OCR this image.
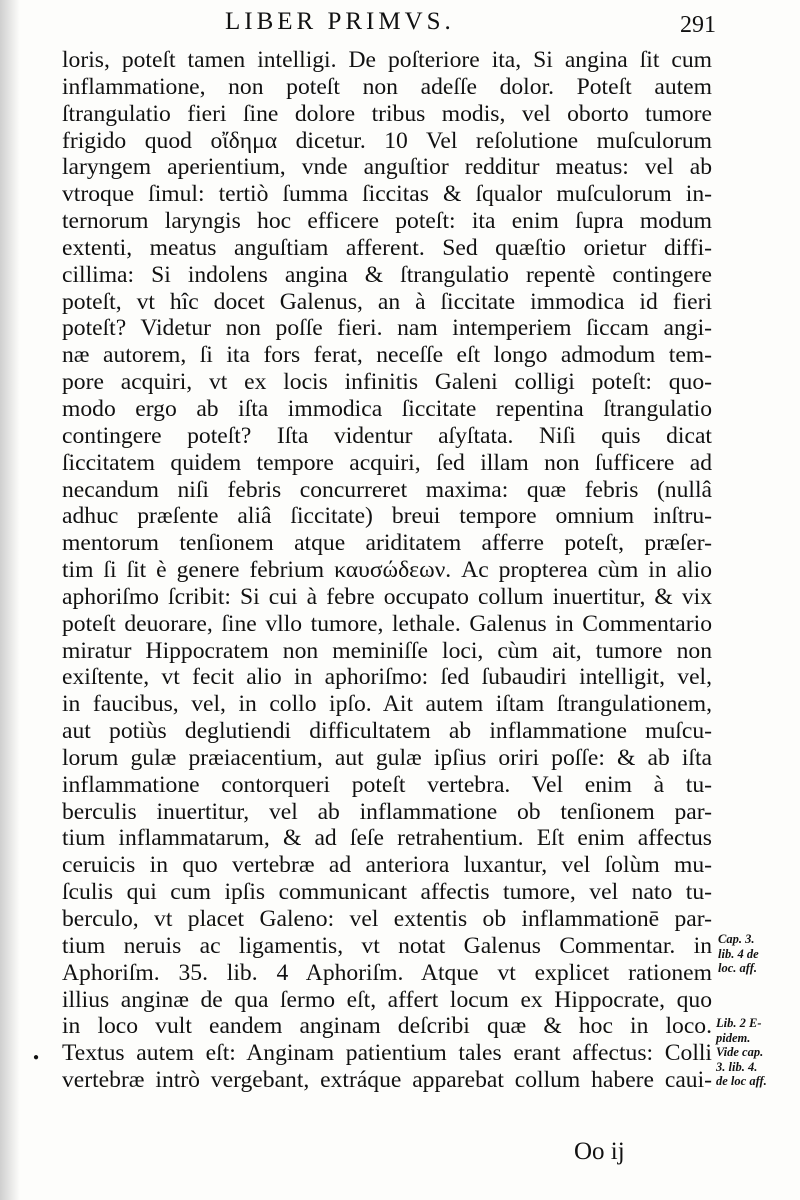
LIBER PRIMVS.	291
loris, poteſt tamen intelligi. De poſteriore ita, Si angina ſit cum
inflammatione, non poteſt non adeſſe dolor. Poteſt autem
ſtrangulatio fieri ſine dolore tribus modis, vel oborto tumore
frigido quod οἴδημα dicetur. 10 Vel reſolutione muſculorum
laryngem aperientium, vnde anguſtior redditur meatus: vel ab
vtroque ſimul: tertiò ſumma ſiccitas & ſqualor muſculorum in-
ternorum laryngis hoc efficere poteſt: ita enim ſupra modum
extenti, meatus anguſtiam afferent. Sed quæſtio orietur diffi-
cillima: Si indolens angina & ſtrangulatio repentè contingere
poteſt, vt hîc docet Galenus, an à ſiccitate immodica id fieri
poteſt? Videtur non poſſe fieri. nam intemperiem ſiccam angi-
næ autorem, ſi ita fors ferat, neceſſe eſt longo admodum tem-
pore acquiri, vt ex locis infinitis Galeni colligi poteſt: quo-
modo ergo ab iſta immodica ſiccitate repentina ſtrangulatio
contingere poteſt? Iſta videntur aſyſtata. Niſi quis dicat
ſiccitatem quidem tempore acquiri, ſed illam non ſufficere ad
necandum niſi febris concurreret maxima: quæ febris (nullâ
adhuc præſente aliâ ſiccitate) breui tempore omnium inſtru-
mentorum tenſionem atque ariditatem afferre poteſt, præſer-
tim ſi ſit è genere febrium καυσώδεων. Ac propterea cùm in alio
aphoriſmo ſcribit: Si cui à febre occupato collum inuertitur, & vix
poteſt deuorare, ſine vllo tumore, lethale. Galenus in Commentario
miratur Hippocratem non meminiſſe loci, cùm ait, tumore non
exiſtente, vt fecit alio in aphoriſmo: ſed ſubaudiri intelligit, vel,
in faucibus, vel, in collo ipſo. Ait autem iſtam ſtrangulationem,
aut potiùs deglutiendi difficultatem ab inflammatione muſcu-
lorum gulæ præiacentium, aut gulæ ipſius oriri poſſe: & ab iſta
inflammatione contorqueri poteſt vertebra. Vel enim à tu-
berculis inuertitur, vel ab inflammatione ob tenſionem par-
tium inflammatarum, & ad ſeſe retrahentium. Eſt enim affectus
ceruicis in quo vertebræ ad anteriora luxantur, vel ſolùm mu-
ſculis qui cum ipſis communicant affectis tumore, vel nato tu-
berculo, vt placet Galeno: vel extentis ob inflammationē par-
tium neruis ac ligamentis, vt notat Galenus Commentar. in
Aphoriſm. 35. lib. 4 Aphoriſm. Atque vt explicet rationem
illius anginæ de qua ſermo eſt, affert locum ex Hippocrate, quo
in loco vult eandem anginam deſcribi quæ & hoc in loco.
Textus autem eſt: Anginam patientium tales erant affectus: Colli
vertebræ intrò vergebant, extráque apparebat collum habere caui-
Cap. 3.
lib. 4 de
loc. aff.
Lib. 2 E-
pidem.
Vide cap.
3. lib. 4.
de loc aff.
●
Oo ij
